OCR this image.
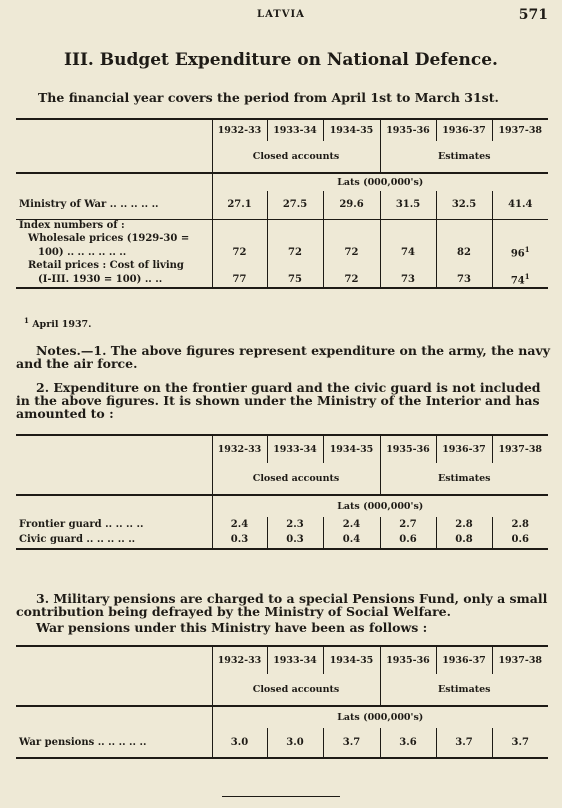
LATVIA	571
III. Budget Expenditure on National Defence.
The financial year covers the period from April 1st to March 31st.
	1932-33	1933-34	1934-35	1935-36	1936-37	1937-38
	Closed accounts			Estimates		
	Lats (000,000's)					
Ministry of War .. .. .. .. ..	27.1	27.5	29.6	31.5	32.5	41.4
Index numbers of :						
Wholesale prices (1929-30 =						
100) .. .. .. .. .. ..	72	72	72	74	82	$96^1$
Retail prices : Cost of living						
(I-III. 1930 = 100) .. ..	77	75	72	73	73	$74^1$
$^1$ April 1937.

Notes.—1. The above figures represent expenditure on the army, the navy and the air force.

2. Expenditure on the frontier guard and the civic guard is not included in the above figures. It is shown under the Ministry of the Interior and has amounted to :

	1932-33	1933-34	1934-35	1935-36	1936-37	1937-38
	Closed accounts			Estimates		
	Lats (000,000's)					
Frontier guard .. .. .. ..	2.4	2.3	2.4	2.7	2.8	2.8
Civic guard .. .. .. .. ..	0.3	0.3	0.4	0.6	0.8	0.6

3. Military pensions are charged to a special Pensions Fund, only a small contribution being defrayed by the Ministry of Social Welfare.

War pensions under this Ministry have been as follows :

	1932-33	1933-34	1934-35	1935-36	1936-37	1937-38
	Closed accounts			Estimates		
	Lats (000,000's)					
War pensions .. .. .. .. ..	3.0	3.0	3.7	3.6	3.7	3.7
